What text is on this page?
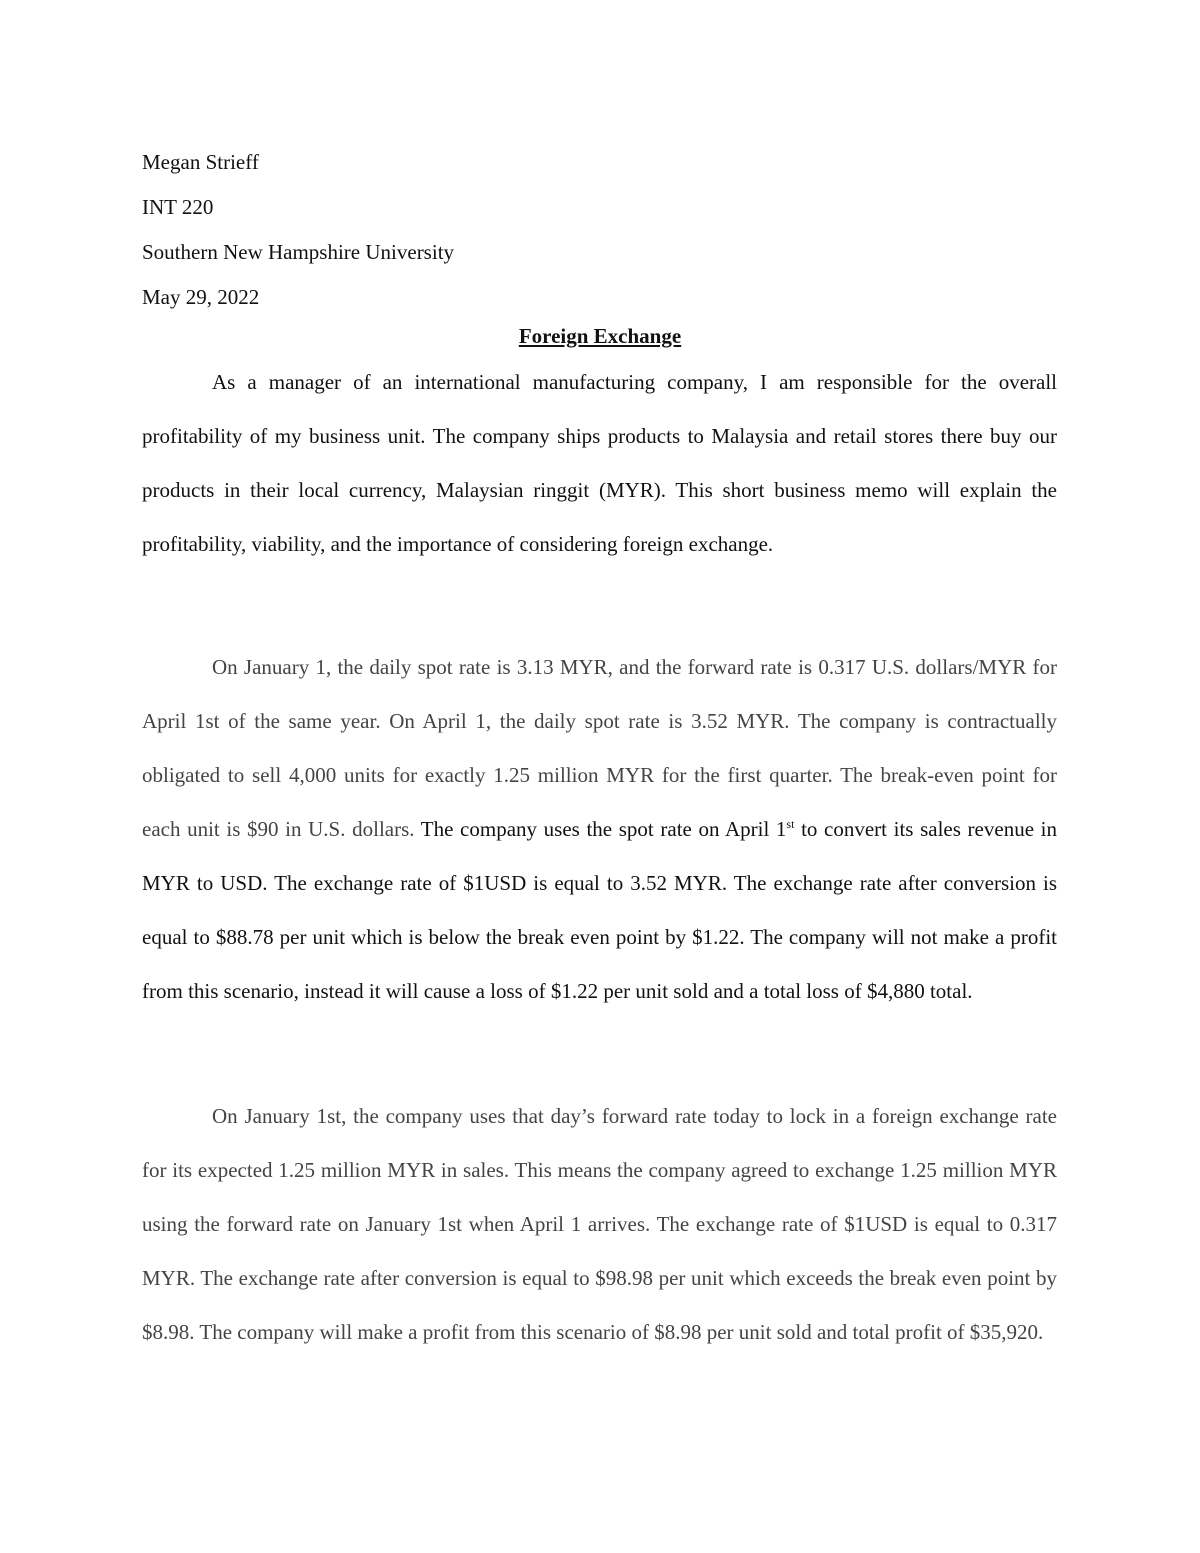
Megan Strieff
INT 220
Southern New Hampshire University
May 29, 2022
Foreign Exchange

As a manager of an international manufacturing company, I am responsible for the overall profitability of my business unit. The company ships products to Malaysia and retail stores there buy our products in their local currency, Malaysian ringgit (MYR). This short business memo will explain the profitability, viability, and the importance of considering foreign exchange.

On January 1, the daily spot rate is 3.13 MYR, and the forward rate is 0.317 U.S. dollars/MYR for April 1st of the same year. On April 1, the daily spot rate is 3.52 MYR. The company is contractually obligated to sell 4,000 units for exactly 1.25 million MYR for the first quarter. The break-even point for each unit is $90 in U.S. dollars. The company uses the spot rate on April 1st to convert its sales revenue in MYR to USD. The exchange rate of $1USD is equal to 3.52 MYR. The exchange rate after conversion is equal to $88.78 per unit which is below the break even point by $1.22. The company will not make a profit from this scenario, instead it will cause a loss of $1.22 per unit sold and a total loss of $4,880 total.

On January 1st, the company uses that day’s forward rate today to lock in a foreign exchange rate for its expected 1.25 million MYR in sales. This means the company agreed to exchange 1.25 million MYR using the forward rate on January 1st when April 1 arrives. The exchange rate of $1USD is equal to 0.317 MYR. The exchange rate after conversion is equal to $98.98 per unit which exceeds the break even point by $8.98. The company will make a profit from this scenario of $8.98 per unit sold and total profit of $35,920.
